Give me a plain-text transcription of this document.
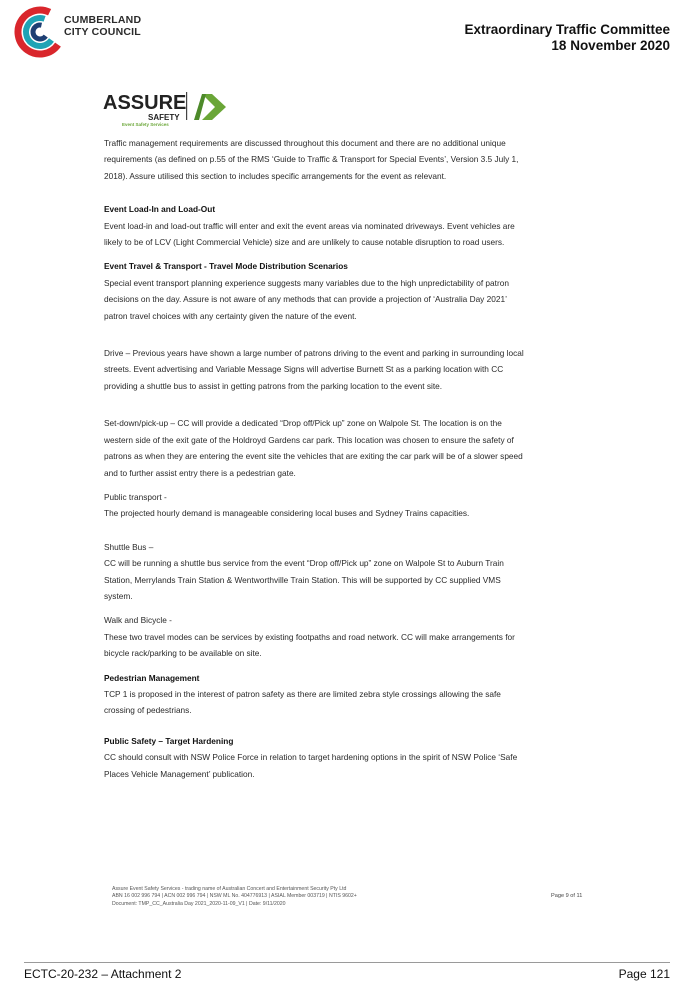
CUMBERLAND
CITY COUNCIL	Extraordinary Traffic Committee
18 November 2020
ASSURE
SAFETY
Event Safety Services

Traffic management requirements are discussed throughout this document and there are no additional unique

requirements (as defined on p.55 of the RMS ‘Guide to Traffic & Transport for Special Events’, Version 3.5 July 1,

2018). Assure utilised this section to includes specific arrangements for the event as relevant.

Event Load-In and Load-Out

Event load-in and load-out traffic will enter and exit the event areas via nominated driveways. Event vehicles are

likely to be of LCV (Light Commercial Vehicle) size and are unlikely to cause notable disruption to road users.

Event Travel & Transport - Travel Mode Distribution Scenarios

Special event transport planning experience suggests many variables due to the high unpredictability of patron

decisions on the day. Assure is not aware of any methods that can provide a projection of ‘Australia Day 2021’

patron travel choices with any certainty given the nature of the event.

Drive – Previous years have shown a large number of patrons driving to the event and parking in surrounding local

streets. Event advertising and Variable Message Signs will advertise Burnett St as a parking location with CC

providing a shuttle bus to assist in getting patrons from the parking location to the event site.

Set-down/pick-up – CC will provide a dedicated “Drop off/Pick up” zone on Walpole St. The location is on the

western side of the exit gate of the Holdroyd Gardens car park. This location was chosen to ensure the safety of

patrons as when they are entering the event site the vehicles that are exiting the car park will be of a slower speed

and to further assist entry there is a pedestrian gate.

Public transport -

The projected hourly demand is manageable considering local buses and Sydney Trains capacities.

Shuttle Bus –

CC will be running a shuttle bus service from the event “Drop off/Pick up” zone on Walpole St to Auburn Train

Station, Merrylands Train Station & Wentworthville Train Station. This will be supported by CC supplied VMS

system.

Walk and Bicycle -

These two travel modes can be services by existing footpaths and road network. CC will make arrangements for

bicycle rack/parking to be available on site.

Pedestrian Management

TCP 1 is proposed in the interest of patron safety as there are limited zebra style crossings allowing the safe

crossing of pedestrians.

Public Safety – Target Hardening

CC should consult with NSW Police Force in relation to target hardening options in the spirit of NSW Police ‘Safe

Places Vehicle Management’ publication.

Assure Event Safety Services - trading name of Australian Concert and Entertainment Security Pty Ltd
ABN 16 002 996 794 | ACN 002 996 794 | NSW ML No. 404776913 | ASIAL Member 003719 | NTIS 9602+
Document: TMP_CC_Australia Day 2021_2020-11-09_V1 | Date: 9/11/2020
Page 9 of 11
ECTC-20-232 – Attachment 2	Page 121
